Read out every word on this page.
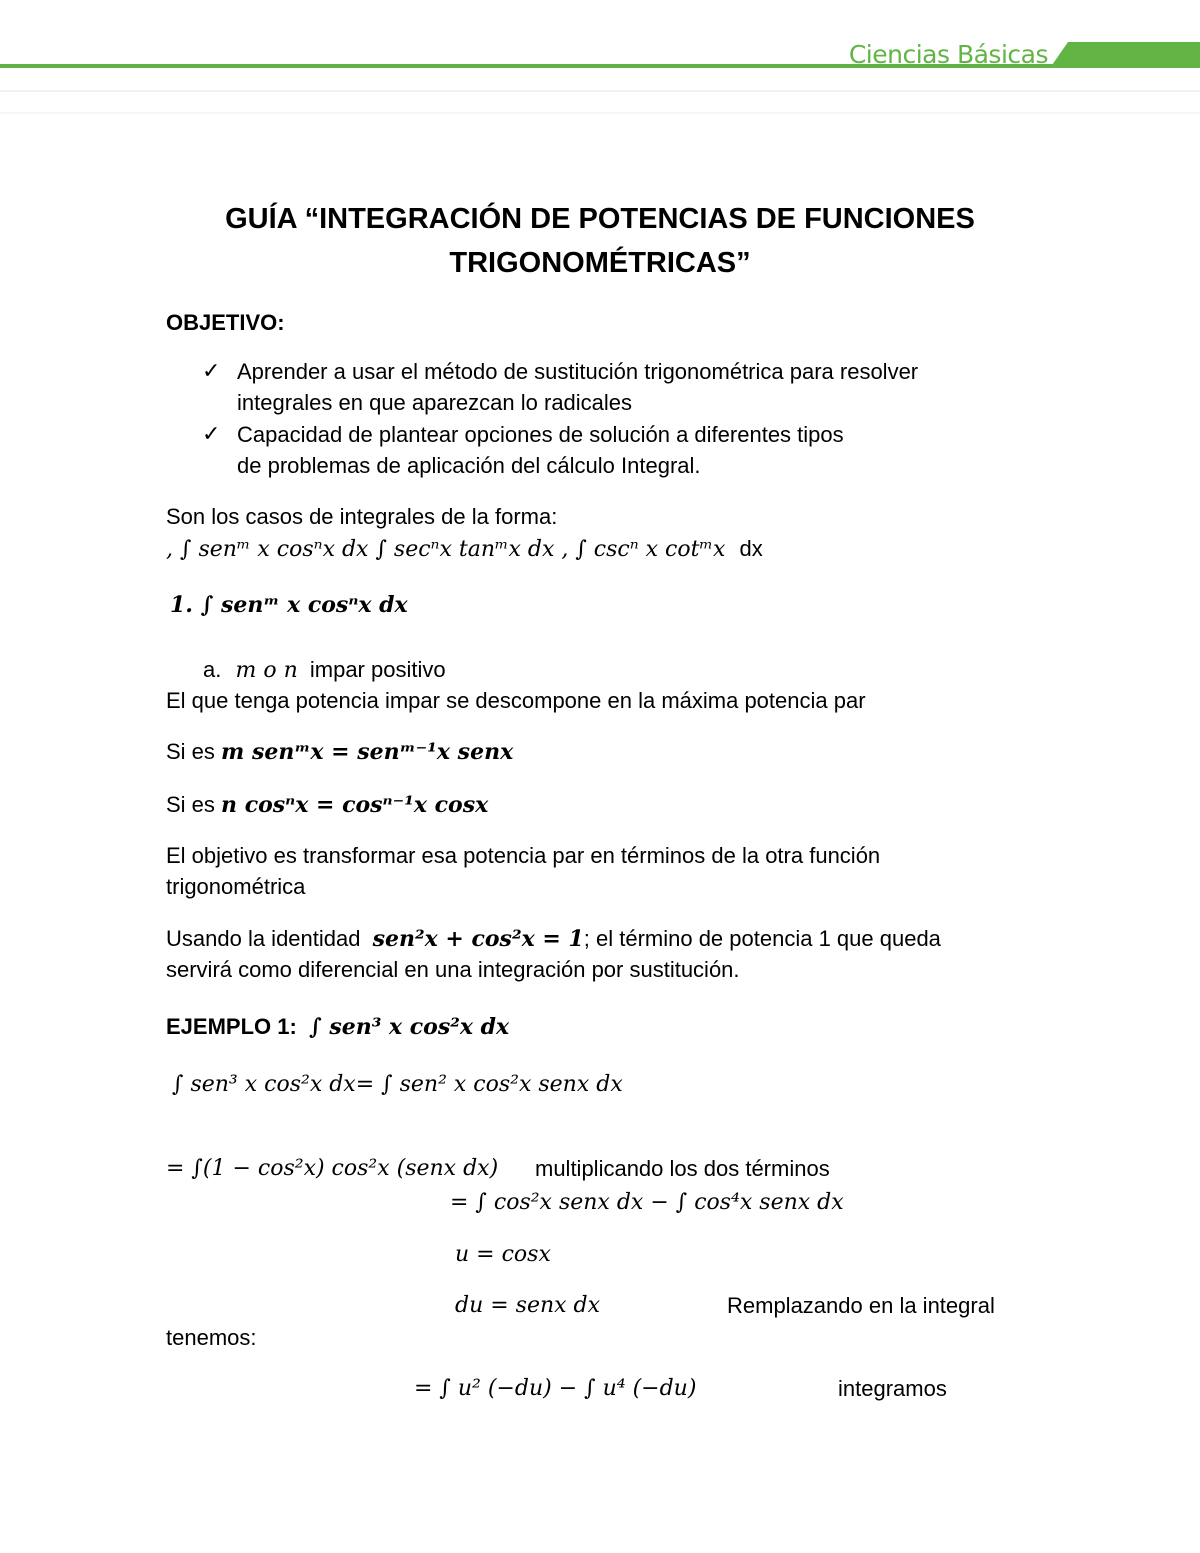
Ciencias Básicas
GUÍA “INTEGRACIÓN DE POTENCIAS DE FUNCIONES
TRIGONOMÉTRICAS”
OBJETIVO:
✓ Aprender a usar el método de sustitución trigonométrica para resolver
integrales en que aparezcan lo radicales
✓ Capacidad de plantear opciones de solución a diferentes tipos
de problemas de aplicación del cálculo Integral.
Son los casos de integrales de la forma:
, ∫ senᵐ x cosⁿx dx ∫ secⁿx tanᵐx dx , ∫ cscⁿ x cotᵐx dx
1. ∫ senᵐ x cosⁿx dx
a. m o n impar positivo
El que tenga potencia impar se descompone en la máxima potencia par
Si es m senᵐx = senᵐ⁻¹x senx
Si es n cosⁿx = cosⁿ⁻¹x cosx
El objetivo es transformar esa potencia par en términos de la otra función
trigonométrica
Usando la identidad sen²x + cos²x = 1; el término de potencia 1 que queda
servirá como diferencial en una integración por sustitución.
EJEMPLO 1: ∫ sen³ x cos²x dx
∫ sen³ x cos²x dx= ∫ sen² x cos²x senx dx
= ∫(1 − cos²x) cos²x (senx dx) multiplicando los dos términos
= ∫ cos²x senx dx − ∫ cos⁴x senx dx
u = cosx
du = senx dx	Remplazando en la integral
tenemos:
= ∫ u² (−du) − ∫ u⁴ (−du)	integramos
